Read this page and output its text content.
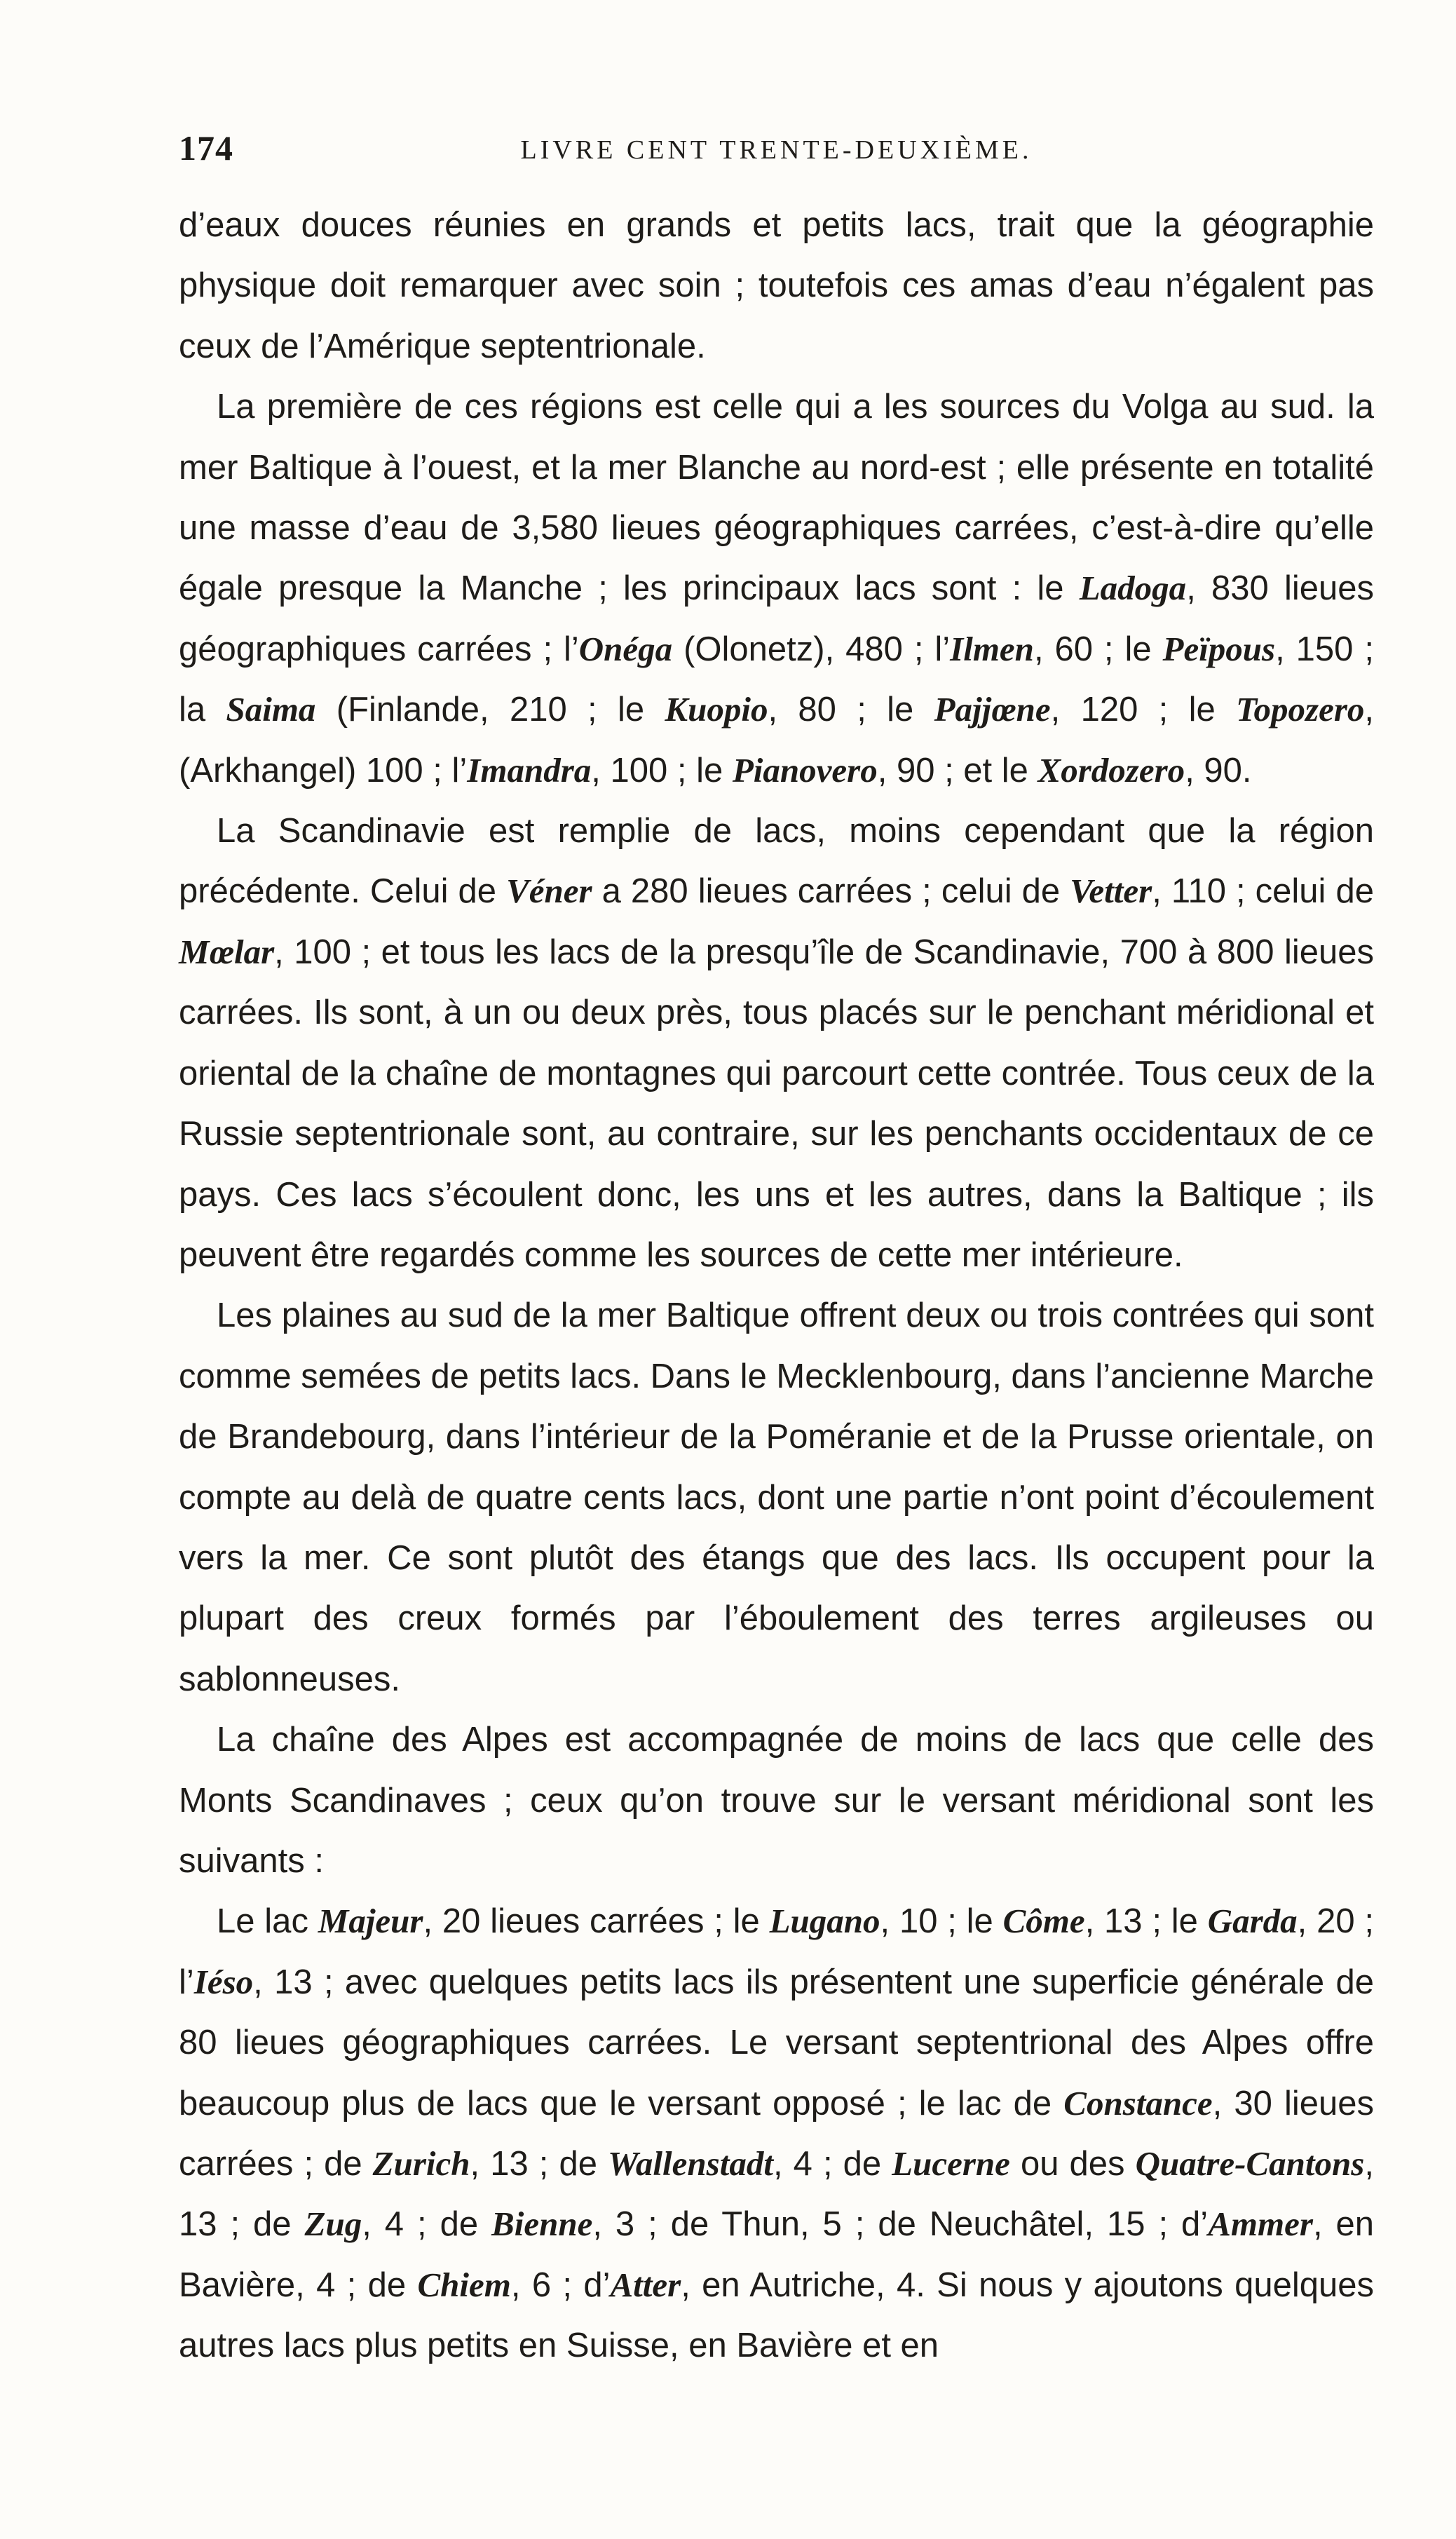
174	LIVRE CENT TRENTE-DEUXIÈME.

d’eaux douces réunies en grands et petits lacs, trait que la géographie physique doit remarquer avec soin ; toutefois ces amas d’eau n’égalent pas ceux de l’Amérique septentrionale.

La première de ces régions est celle qui a les sources du Volga au sud. la mer Baltique à l’ouest, et la mer Blanche au nord-est ; elle présente en totalité une masse d’eau de 3,580 lieues géographiques carrées, c’est-à-dire qu’elle égale presque la Manche ; les principaux lacs sont : le Ladoga, 830 lieues géographiques carrées ; l’Onéga (Olonetz), 480 ; l’Ilmen, 60 ; le Peïpous, 150 ; la Saima (Finlande, 210 ; le Kuopio, 80 ; le Pajjœne, 120 ; le Topozero, (Arkhangel) 100 ; l’Imandra, 100 ; le Pianovero, 90 ; et le Xordozero, 90.

La Scandinavie est remplie de lacs, moins cependant que la région précédente. Celui de Véner a 280 lieues carrées ; celui de Vetter, 110 ; celui de Mœlar, 100 ; et tous les lacs de la presqu’île de Scandinavie, 700 à 800 lieues carrées. Ils sont, à un ou deux près, tous placés sur le penchant méridional et oriental de la chaîne de montagnes qui parcourt cette contrée. Tous ceux de la Russie septentrionale sont, au contraire, sur les penchants occidentaux de ce pays. Ces lacs s’écoulent donc, les uns et les autres, dans la Baltique ; ils peuvent être regardés comme les sources de cette mer intérieure.

Les plaines au sud de la mer Baltique offrent deux ou trois contrées qui sont comme semées de petits lacs. Dans le Mecklenbourg, dans l’ancienne Marche de Brandebourg, dans l’intérieur de la Poméranie et de la Prusse orientale, on compte au delà de quatre cents lacs, dont une partie n’ont point d’écoulement vers la mer. Ce sont plutôt des étangs que des lacs. Ils occupent pour la plupart des creux formés par l’éboulement des terres argileuses ou sablonneuses.

La chaîne des Alpes est accompagnée de moins de lacs que celle des Monts Scandinaves ; ceux qu’on trouve sur le versant méridional sont les suivants :

Le lac Majeur, 20 lieues carrées ; le Lugano, 10 ; le Côme, 13 ; le Garda, 20 ; l’Iéso, 13 ; avec quelques petits lacs ils présentent une superficie générale de 80 lieues géographiques carrées. Le versant septentrional des Alpes offre beaucoup plus de lacs que le versant opposé ; le lac de Constance, 30 lieues carrées ; de Zurich, 13 ; de Wallenstadt, 4 ; de Lucerne ou des Quatre-Cantons, 13 ; de Zug, 4 ; de Bienne, 3 ; de Thun, 5 ; de Neuchâtel, 15 ; d’Ammer, en Bavière, 4 ; de Chiem, 6 ; d’Atter, en Autriche, 4. Si nous y ajoutons quelques autres lacs plus petits en Suisse, en Bavière et en
